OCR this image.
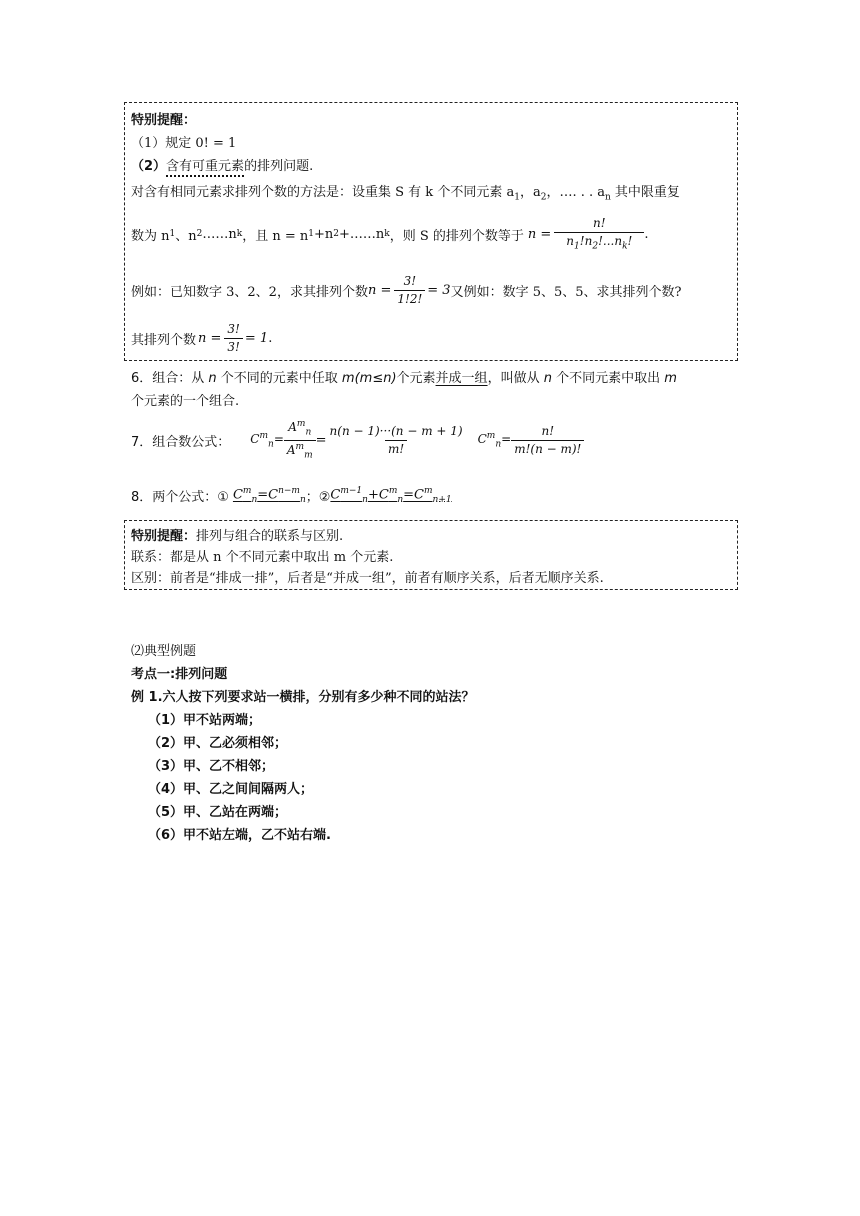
特别提醒：
（1）规定 0! = 1
（2）含有可重元素的排列问题.
对含有相同元素求排列个数的方法是：设重集 S 有 k 个不同元素 $a_1$，$a_2$，…. . . $a_n$ 其中限重复
数为 n 1 、n 2 ……n k ，且 n = n 1 +n 2 +……n k ，则 S 的排列个数等于 $n = \frac{n!}{n_1!n_2!...n_k!}$ .
例如：已知数字 3、2、2，求其排列个数 $n = \frac{3!}{1!2!} = 3$ 又例如：数字 5、5、5、求其排列个数?
其排列个数 $n = \frac{3!}{3!} = 1$ .
6．组合：从 n 个不同的元素中任取 m(m≤n)个元素并成一组，叫做从 n 个不同元素中取出 m
个元素的一个组合.
7．组合数公式： $C^m_n= \frac{A^m_n}{A^m_m} = \frac{n(n - 1)\cdot\cdot\cdot(n - m + 1)}{m!} C^m_n= \frac{n!}{m!(n - m)!}$
8．两个公式：① $C^m_n=C^{n-m}_n$ ；② $C^{m-1}_n+C^m_n=C^m_{n+1}$
特别提醒：排列与组合的联系与区别.
联系：都是从 n 个不同元素中取出 m 个元素.
区别：前者是“排成一排”，后者是“并成一组”，前者有顺序关系，后者无顺序关系.
⑵典型例题
考点一:排列问题
例 1.六人按下列要求站一横排，分别有多少种不同的站法？
（1）甲不站两端；
（2）甲、乙必须相邻；
（3）甲、乙不相邻；
（4）甲、乙之间间隔两人；
（5）甲、乙站在两端；
（6）甲不站左端，乙不站右端.
